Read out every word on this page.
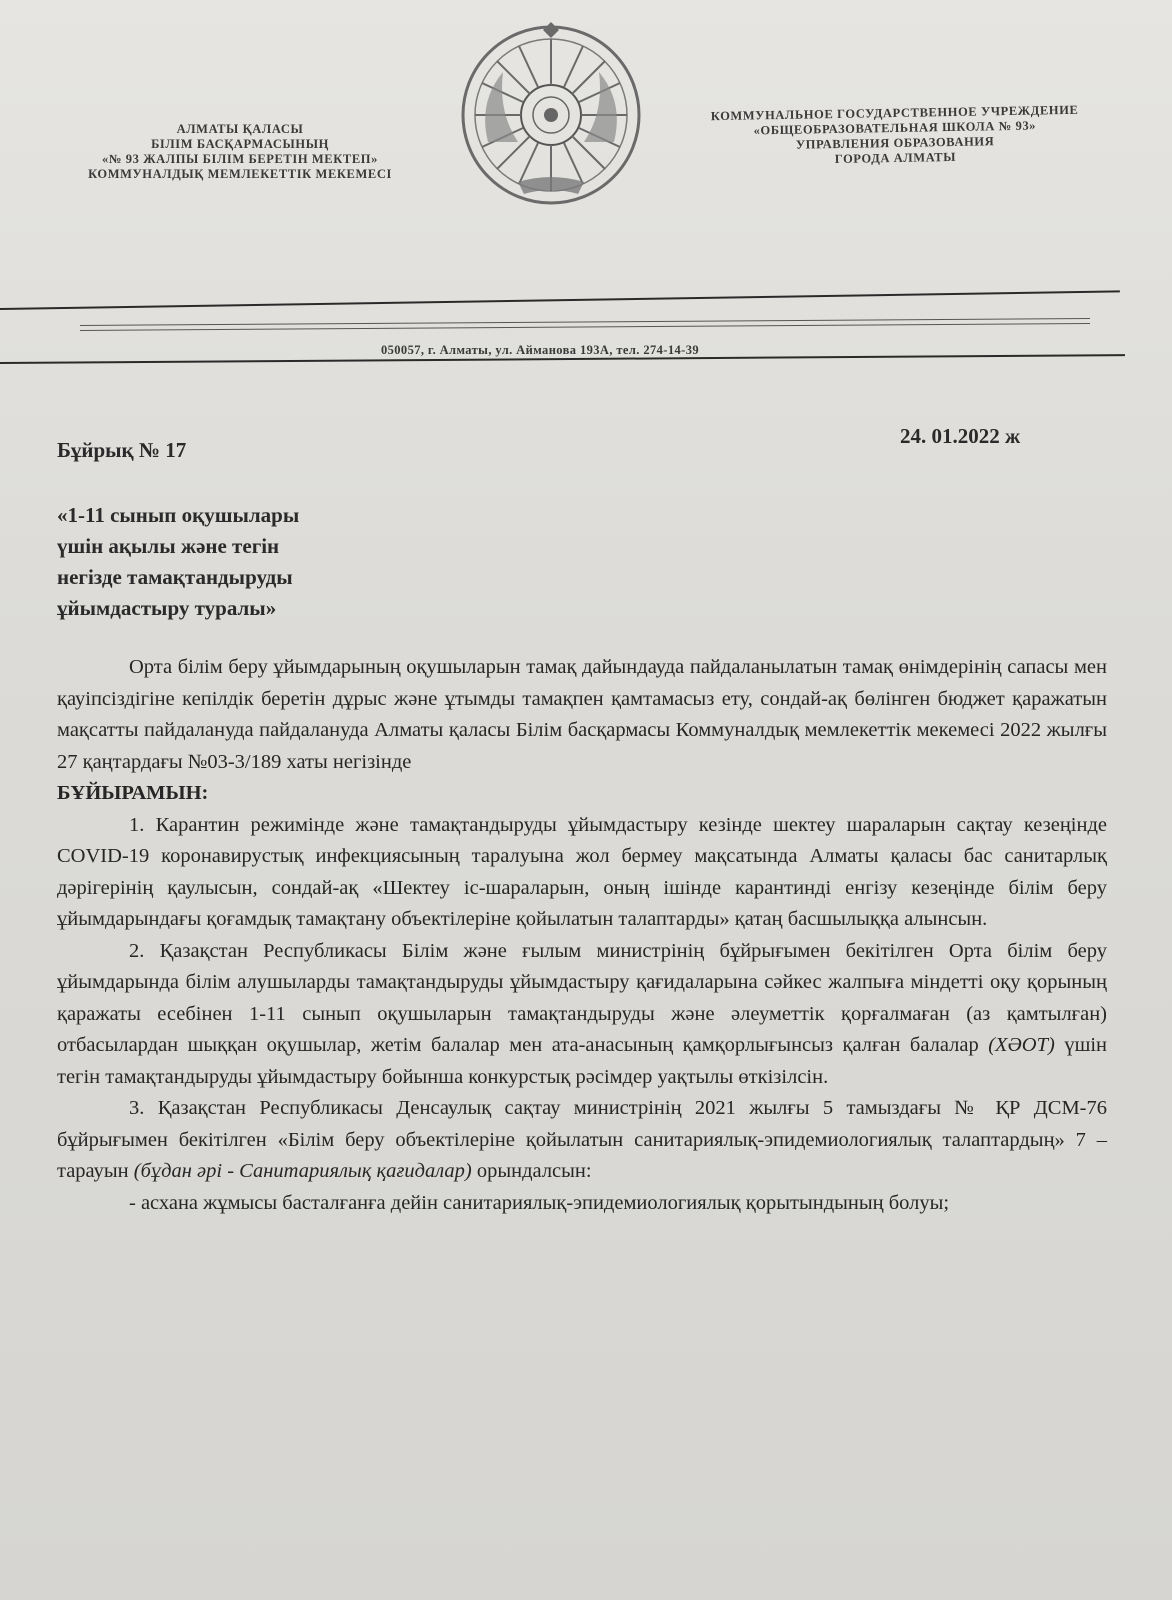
АЛМАТЫ ҚАЛАСЫ
БІЛІМ БАСҚАРМАСЫНЫҢ
«№ 93 ЖАЛПЫ БІЛІМ БЕРЕТІН МЕКТЕП»
КОММУНАЛДЫҚ МЕМЛЕКЕТТІК МЕКЕМЕСІ
КОММУНАЛЬНОЕ ГОСУДАРСТВЕННОЕ УЧРЕЖДЕНИЕ
«ОБЩЕОБРАЗОВАТЕЛЬНАЯ ШКОЛА № 93»
УПРАВЛЕНИЯ ОБРАЗОВАНИЯ
ГОРОДА АЛМАТЫ
050057, г. Алматы, ул. Айманова 193А, тел. 274-14-39
Бұйрық № 17
24. 01.2022 ж
«1-11 сынып оқушылары
үшін ақылы және тегін
негізде тамақтандыруды
ұйымдастыру туралы»

Орта білім беру ұйымдарының оқушыларын тамақ дайындауда пайдаланылатын тамақ өнімдерінің сапасы мен қауіпсіздігіне кепілдік беретін дұрыс және ұтымды тамақпен қамтамасыз ету, сондай-ақ бөлінген бюджет қаражатын мақсатты пайдалануда пайдалануда Алматы қаласы Білім басқармасы Коммуналдық мемлекеттік мекемесі 2022 жылғы 27 қаңтардағы №03-3/189 хаты негізінде

БҰЙЫРАМЫН:

1. Карантин режимінде және тамақтандыруды ұйымдастыру кезінде шектеу шараларын сақтау кезеңінде COVID-19 коронавирустық инфекциясының таралуына жол бермеу мақсатында Алматы қаласы бас санитарлық дәрігерінің қаулысын, сондай-ақ «Шектеу іс-шараларын, оның ішінде карантинді енгізу кезеңінде білім беру ұйымдарындағы қоғамдық тамақтану объектілеріне қойылатын талаптарды» қатаң басшылыққа алынсын.

2. Қазақстан Республикасы Білім және ғылым министрінің бұйрығымен бекітілген Орта білім беру ұйымдарында білім алушыларды тамақтандыруды ұйымдастыру қағидаларына сәйкес жалпыға міндетті оқу қорының қаражаты есебінен 1-11 сынып оқушыларын тамақтандыруды және әлеуметтік қорғалмаған (аз қамтылған) отбасылардан шыққан оқушылар, жетім балалар мен ата-анасының қамқорлығынсыз қалған балалар (ХӘОТ) үшін тегін тамақтандыруды ұйымдастыру бойынша конкурстық рәсімдер уақтылы өткізілсін.

3. Қазақстан Республикасы Денсаулық сақтау министрінің 2021 жылғы 5 тамыздағы № ҚР ДСМ-76 бұйрығымен бекітілген «Білім беру объектілеріне қойылатын санитариялық-эпидемиологиялық талаптардың» 7 – тарауын (бұдан әрі - Санитариялық қағидалар) орындалсын:

- асхана жұмысы басталғанға дейін санитариялық-эпидемиологиялық қорытындының болуы;
